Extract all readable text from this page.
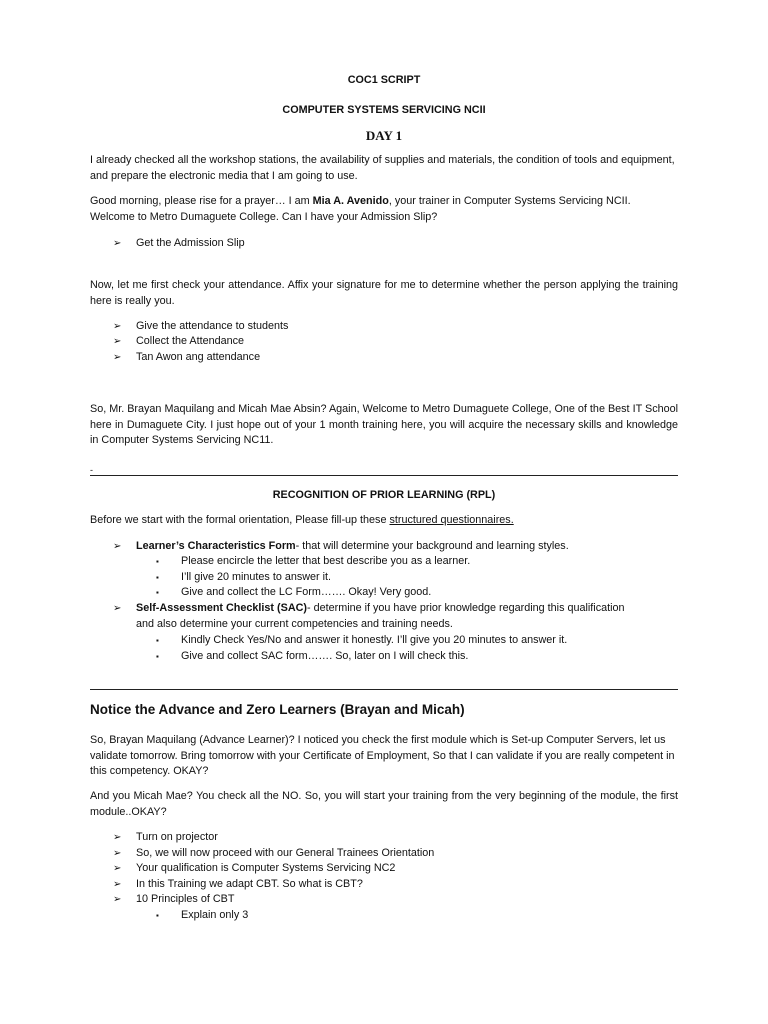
COC1 SCRIPT
COMPUTER SYSTEMS SERVICING NCII
DAY 1
I already checked all the workshop stations, the availability of supplies and materials, the condition of tools and equipment, and prepare the electronic media that I am going to use.
Good morning, please rise for a prayer… I am Mia A. Avenido, your trainer in Computer Systems Servicing NCII. Welcome to Metro Dumaguete College. Can I have your Admission Slip?
➢ Get the Admission Slip
Now, let me first check your attendance. Affix your signature for me to determine whether the person applying the training here is really you.
➢ Give the attendance to students
➢ Collect the Attendance
➢ Tan Awon ang attendance
So, Mr. Brayan Maquilang and Micah Mae Absin? Again, Welcome to Metro Dumaguete College, One of the Best IT School here in Dumaguete City. I just hope out of your 1 month training here, you will acquire the necessary skills and knowledge in Computer Systems Servicing NC11.
-
RECOGNITION OF PRIOR LEARNING (RPL)
Before we start with the formal orientation, Please fill-up these structured questionnaires.
➢ Learner’s Characteristics Form- that will determine your background and learning styles.
▪ Please encircle the letter that best describe you as a learner.
▪ I’ll give 20 minutes to answer it.
▪ Give and collect the LC Form……. Okay! Very good.
➢ Self-Assessment Checklist (SAC)- determine if you have prior knowledge regarding this qualification and also determine your current competencies and training needs.
▪ Kindly Check Yes/No and answer it honestly. I’ll give you 20 minutes to answer it.
▪ Give and collect SAC form……. So, later on I will check this.
Notice the Advance and Zero Learners (Brayan and Micah)
So, Brayan Maquilang (Advance Learner)? I noticed you check the first module which is Set-up Computer Servers, let us validate tomorrow. Bring tomorrow with your Certificate of Employment, So that I can validate if you are really competent in this competency. OKAY?
And you Micah Mae? You check all the NO. So, you will start your training from the very beginning of the module, the first module..OKAY?
➢ Turn on projector
➢ So, we will now proceed with our General Trainees Orientation
➢ Your qualification is Computer Systems Servicing NC2
➢ In this Training we adapt CBT. So what is CBT?
➢ 10 Principles of CBT
▪ Explain only 3
